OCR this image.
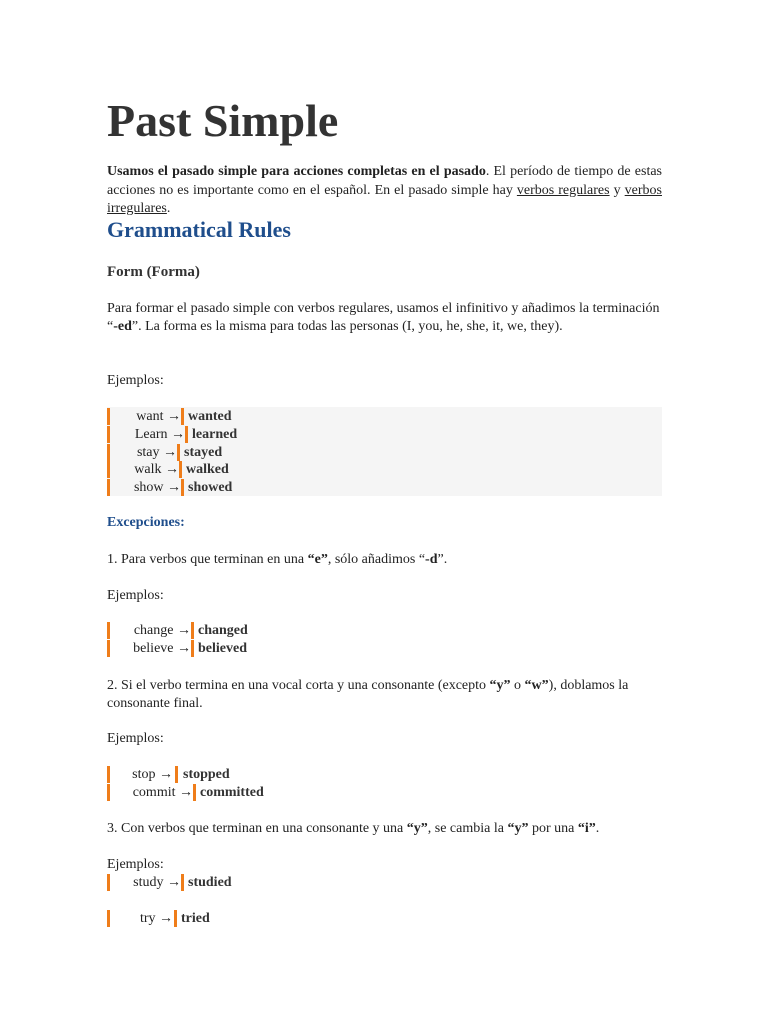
Past Simple

Usamos el pasado simple para acciones completas en el pasado. El período de tiempo de estas acciones no es importante como en el español. En el pasado simple hay verbos regulares y verbos irregulares.

Grammatical Rules
Form (Forma)

Para formar el pasado simple con verbos regulares, usamos el infinitivo y añadimos la terminación “-ed”. La forma es la misma para todas las personas (I, you, he, she, it, we, they).

Ejemplos:

want → wanted
Learn → learned
stay → stayed
walk → walked
show → showed

Excepciones:

1. Para verbos que terminan en una “e”, sólo añadimos “-d”.

Ejemplos:

change → changed
believe → believed

2. Si el verbo termina en una vocal corta y una consonante (excepto “y” o “w”), doblamos la consonante final.

Ejemplos:

stop → stopped
commit → committed

3. Con verbos que terminan en una consonante y una “y”, se cambia la “y” por una “i”.

Ejemplos:

study → studied
try → tried
